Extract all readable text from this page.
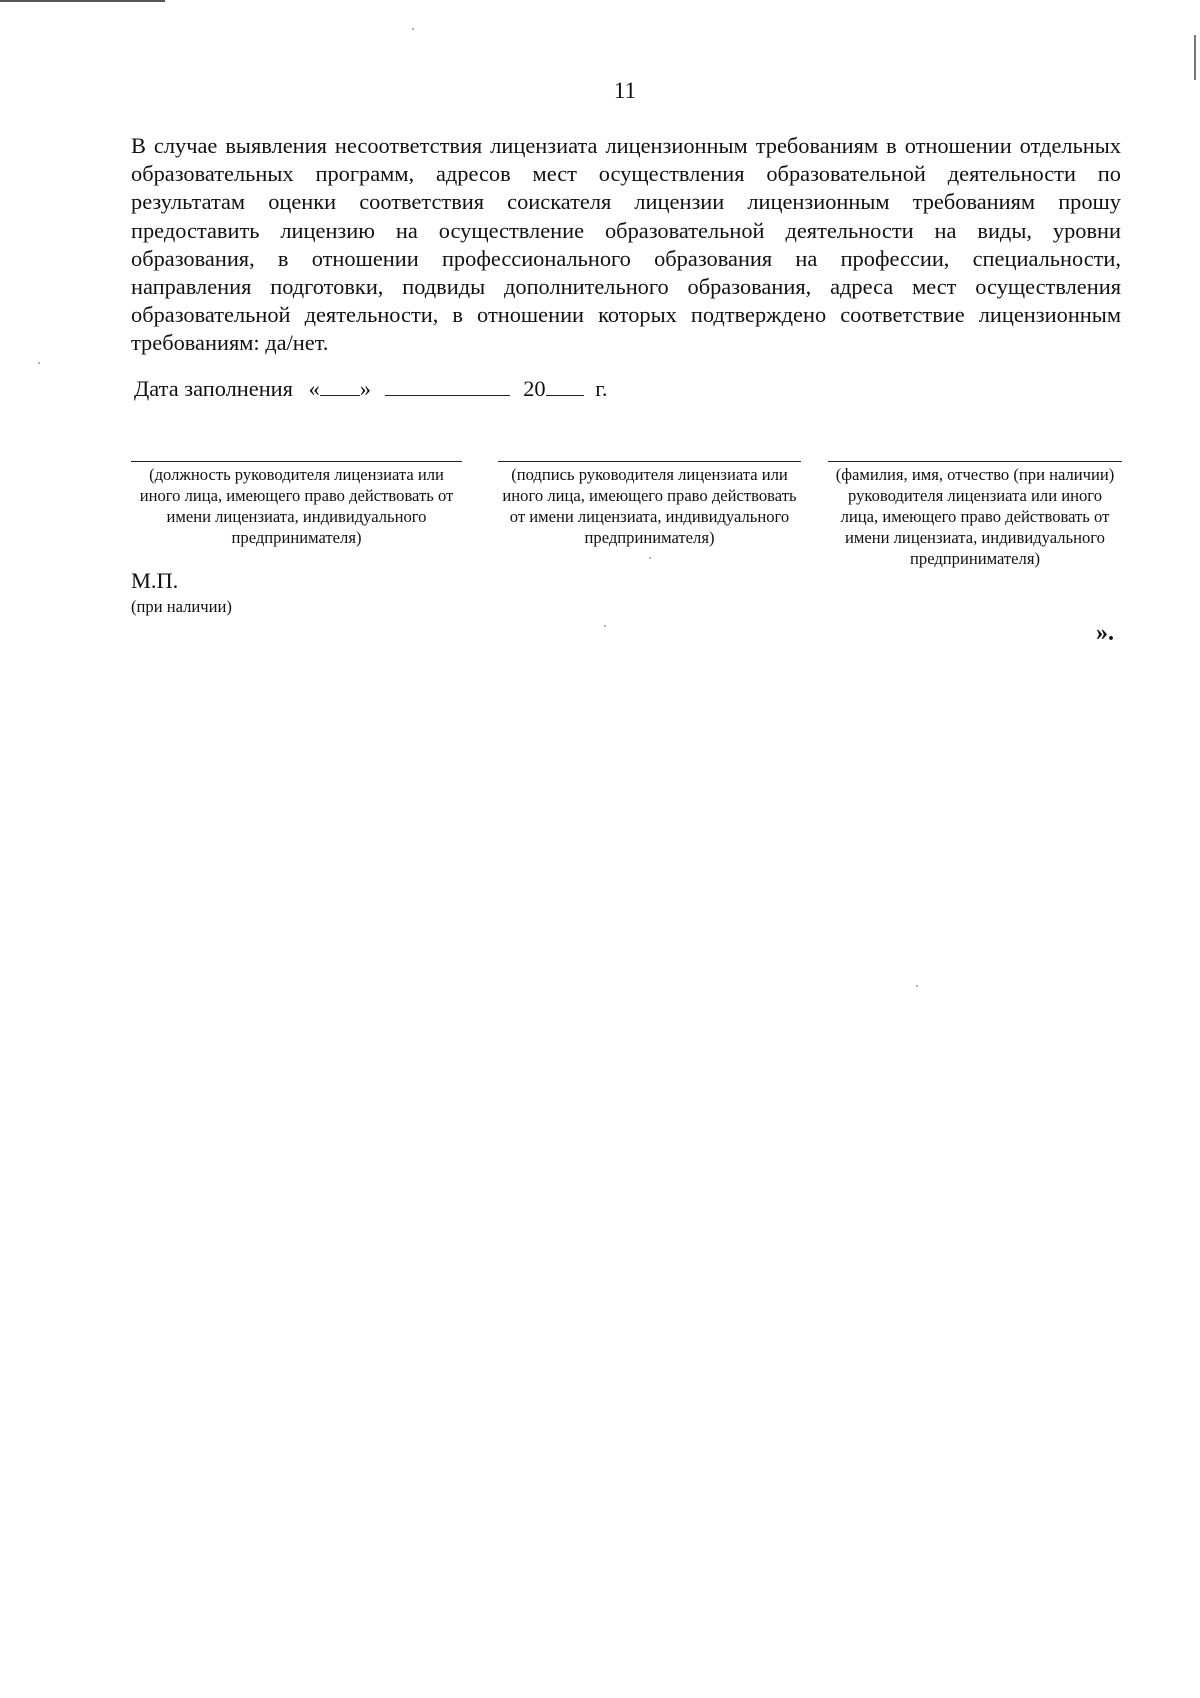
11

В случае выявления несоответствия лицензиата лицензионным требованиям в отношении отдельных образовательных программ, адресов мест осуществления образовательной деятельности по результатам оценки соответствия соискателя лицензии лицензионным требованиям прошу предоставить лицензию на осуществление образовательной деятельности на виды, уровни образования, в отношении профессионального образования на профессии, специальности, направления подготовки, подвиды дополнительного образования, адреса мест осуществления образовательной деятельности, в отношении которых подтверждено соответствие лицензионным требованиям: да/нет.

Дата заполнения « »	20 г.
(должность руководителя лицензиата или иного лица, имеющего право действовать от имени лицензиата, индивидуального предпринимателя)
(подпись руководителя лицензиата или иного лица, имеющего право действовать от имени лицензиата, индивидуального предпринимателя)
(фамилия, имя, отчество (при наличии) руководителя лицензиата или иного лица, имеющего право действовать от имени лицензиата, индивидуального предпринимателя)
М.П.
(при наличии)
».
